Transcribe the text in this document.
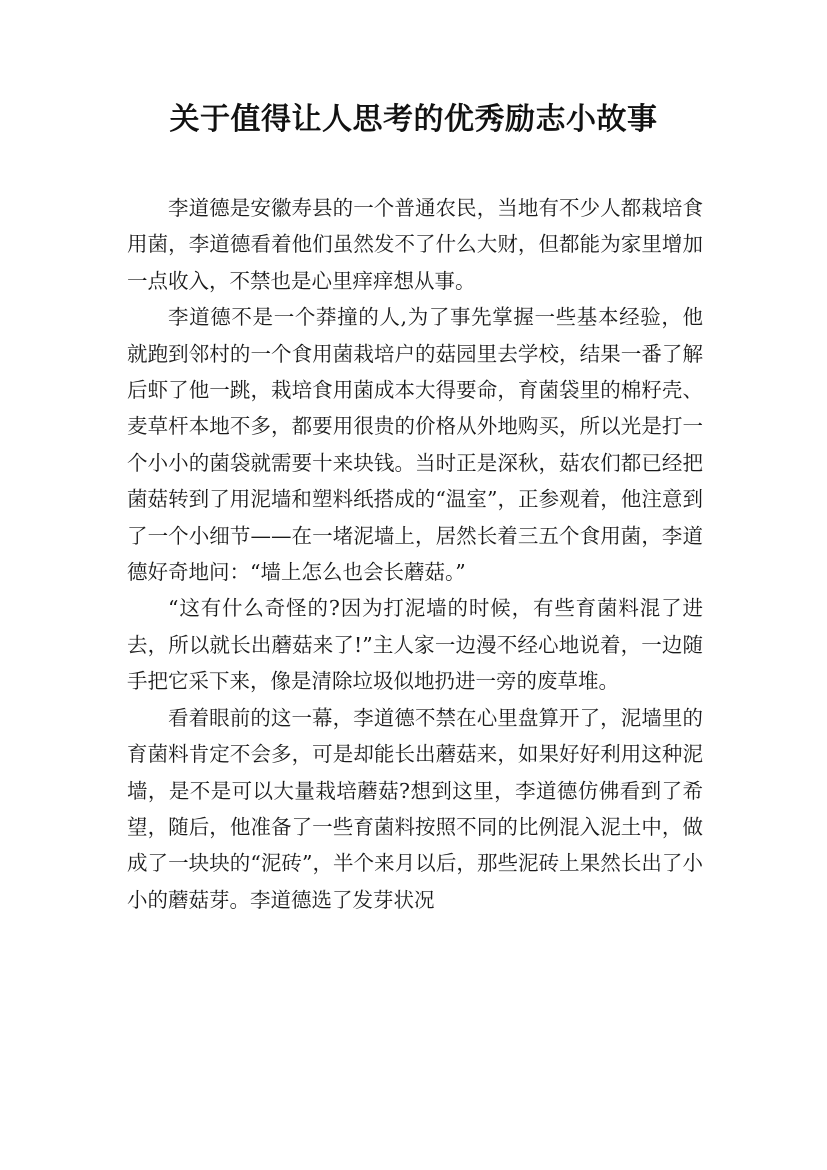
关于值得让人思考的优秀励志小故事

李道德是安徽寿县的一个普通农民，当地有不少人都栽培食用菌，李道德看着他们虽然发不了什么大财，但都能为家里增加一点收入，不禁也是心里痒痒想从事。

李道德不是一个莽撞的人,为了事先掌握一些基本经验，他就跑到邻村的一个食用菌栽培户的菇园里去学校，结果一番了解后虾了他一跳，栽培食用菌成本大得要命，育菌袋里的棉籽壳、麦草杆本地不多，都要用很贵的价格从外地购买，所以光是打一个小小的菌袋就需要十来块钱。当时正是深秋，菇农们都已经把菌菇转到了用泥墙和塑料纸搭成的“温室”，正参观着，他注意到了一个小细节——在一堵泥墙上，居然长着三五个食用菌，李道德好奇地问：“墙上怎么也会长蘑菇。”

“这有什么奇怪的?因为打泥墙的时候，有些育菌料混了进去，所以就长出蘑菇来了!”主人家一边漫不经心地说着，一边随手把它采下来，像是清除垃圾似地扔进一旁的废草堆。

看着眼前的这一幕，李道德不禁在心里盘算开了，泥墙里的育菌料肯定不会多，可是却能长出蘑菇来，如果好好利用这种泥墙，是不是可以大量栽培蘑菇?想到这里，李道德仿佛看到了希望，随后，他准备了一些育菌料按照不同的比例混入泥土中，做成了一块块的“泥砖”，半个来月以后，那些泥砖上果然长出了小小的蘑菇芽。李道德选了发芽状况
